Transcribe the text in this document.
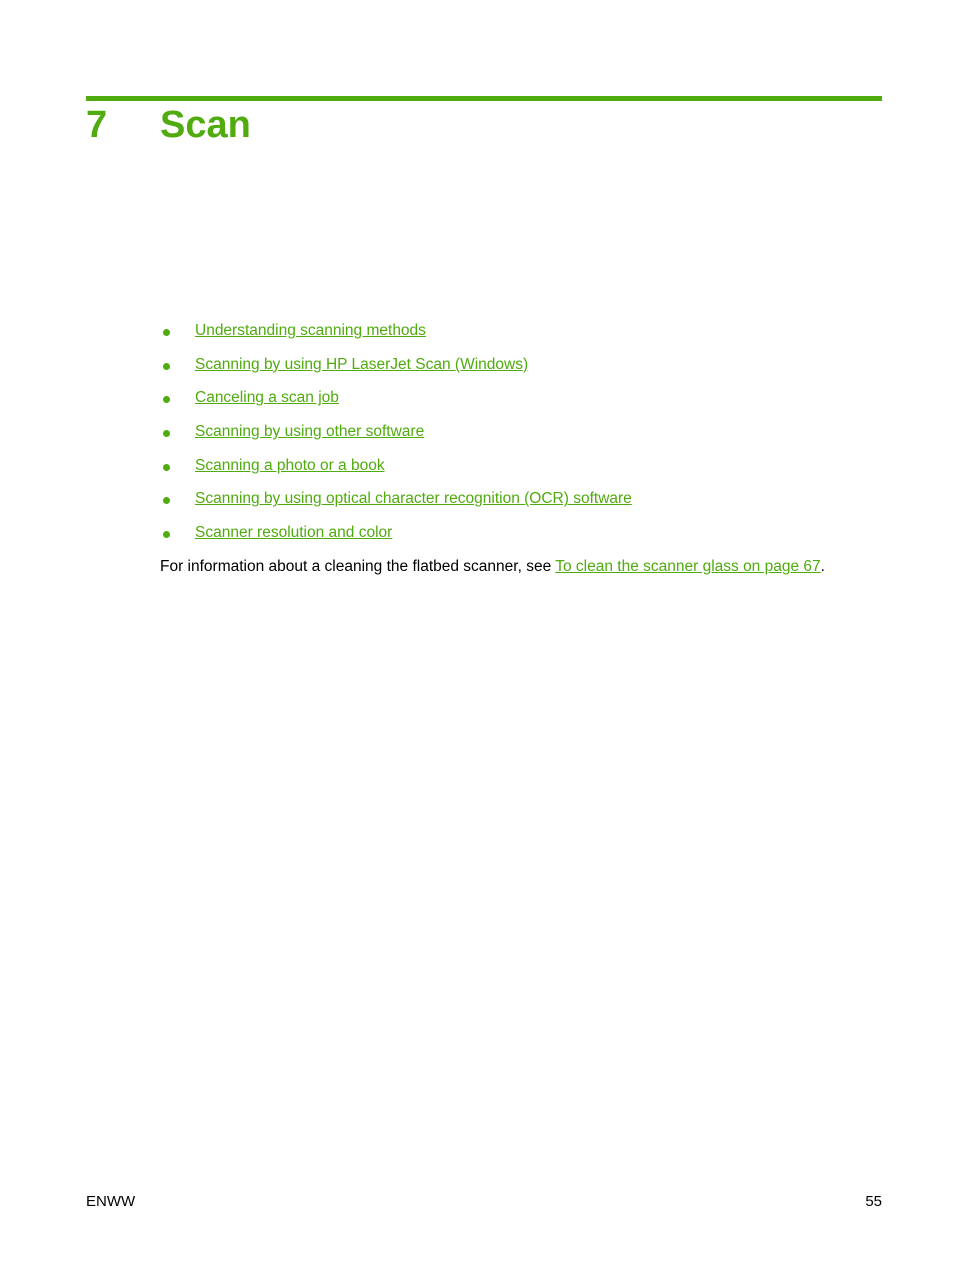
7 Scan
Understanding scanning methods
Scanning by using HP LaserJet Scan (Windows)
Canceling a scan job
Scanning by using other software
Scanning a photo or a book
Scanning by using optical character recognition (OCR) software
Scanner resolution and color

For information about a cleaning the flatbed scanner, see To clean the scanner glass on page 67.

ENWW	55
